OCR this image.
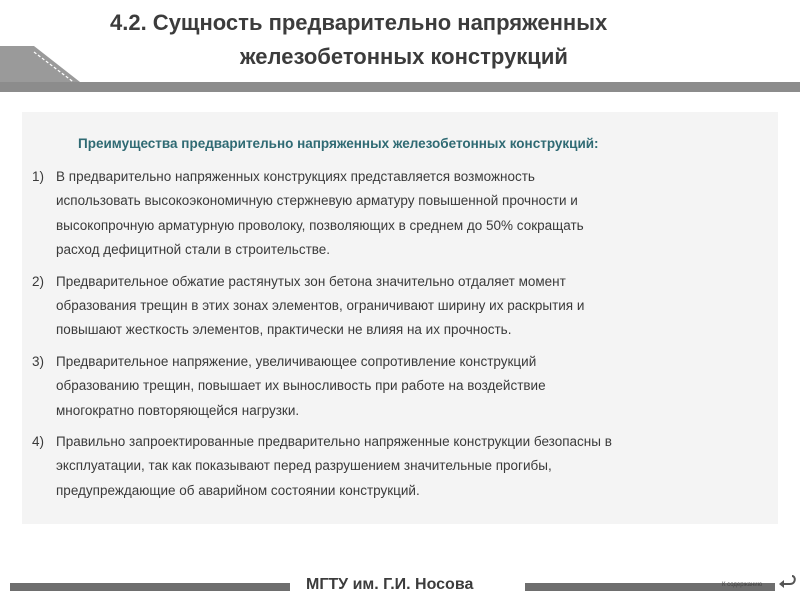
4.2. Сущность предварительно напряженных
железобетонных конструкций
Преимущества предварительно напряженных железобетонных конструкций:
1) В предварительно напряженных конструкциях представляется возможность
использовать высокоэкономичную стержневую арматуру повышенной прочности и
высокопрочную арматурную проволоку, позволяющих в среднем до 50% сокращать
расход дефицитной стали в строительстве.
2) Предварительное обжатие растянутых зон бетона значительно отдаляет момент
образования трещин в этих зонах элементов, ограничивают ширину их раскрытия и
повышают жесткость элементов, практически не влияя на их прочность.
3) Предварительное напряжение, увеличивающее сопротивление конструкций
образованию трещин, повышает их выносливость при работе на воздействие
многократно повторяющейся нагрузки.
4) Правильно запроектированные предварительно напряженные конструкции безопасны в
эксплуатации, так как показывают перед разрушением значительные прогибы,
предупреждающие об аварийном состоянии конструкций.
МГТУ им. Г.И. Носова	К содержанию
